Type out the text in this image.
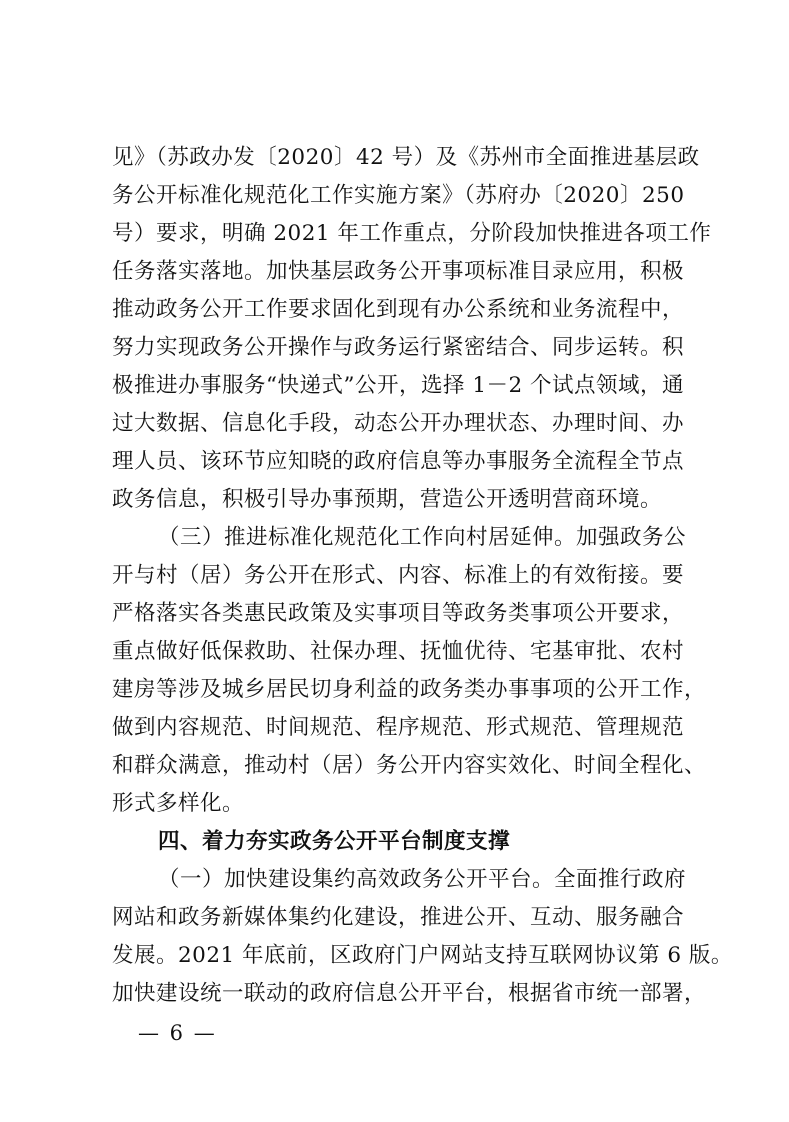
见》（苏政办发〔2020〕42 号）及《苏州市全面推进基层政
务公开标准化规范化工作实施方案》（苏府办〔2020〕250
号）要求，明确 2021 年工作重点，分阶段加快推进各项工作
任务落实落地。加快基层政务公开事项标准目录应用，积极
推动政务公开工作要求固化到现有办公系统和业务流程中，
努力实现政务公开操作与政务运行紧密结合、同步运转。积
极推进办事服务“快递式”公开，选择 1－2 个试点领域，通
过大数据、信息化手段，动态公开办理状态、办理时间、办
理人员、该环节应知晓的政府信息等办事服务全流程全节点
政务信息，积极引导办事预期，营造公开透明营商环境。
（三）推进标准化规范化工作向村居延伸。加强政务公
开与村（居）务公开在形式、内容、标准上的有效衔接。要
严格落实各类惠民政策及实事项目等政务类事项公开要求，
重点做好低保救助、社保办理、抚恤优待、宅基审批、农村
建房等涉及城乡居民切身利益的政务类办事事项的公开工作，
做到内容规范、时间规范、程序规范、形式规范、管理规范
和群众满意，推动村（居）务公开内容实效化、时间全程化、
形式多样化。
四、着力夯实政务公开平台制度支撑
（一）加快建设集约高效政务公开平台。全面推行政府
网站和政务新媒体集约化建设，推进公开、互动、服务融合
发展。2021 年底前，区政府门户网站支持互联网协议第 6 版。
加快建设统一联动的政府信息公开平台，根据省市统一部署，
— 6 —
